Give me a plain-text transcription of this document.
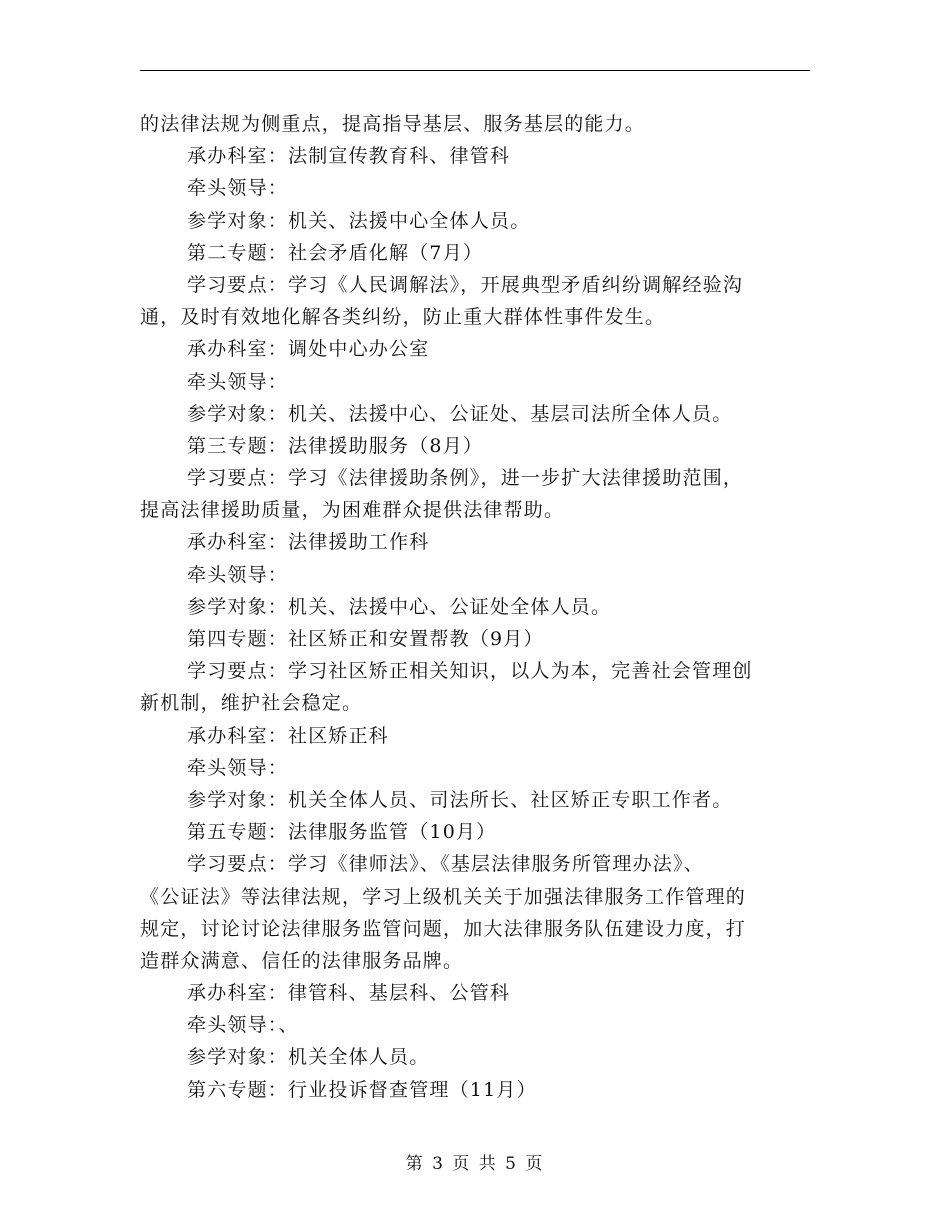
的法律法规为侧重点，提高指导基层、服务基层的能力。
承办科室：法制宣传教育科、律管科
牵头领导：
参学对象：机关、法援中心全体人员。
第二专题：社会矛盾化解（7月）
学习要点：学习《人民调解法》，开展典型矛盾纠纷调解经验沟
通，及时有效地化解各类纠纷，防止重大群体性事件发生。
承办科室：调处中心办公室
牵头领导：
参学对象：机关、法援中心、公证处、基层司法所全体人员。
第三专题：法律援助服务（8月）
学习要点：学习《法律援助条例》，进一步扩大法律援助范围，
提高法律援助质量，为困难群众提供法律帮助。
承办科室：法律援助工作科
牵头领导：
参学对象：机关、法援中心、公证处全体人员。
第四专题：社区矫正和安置帮教（9月）
学习要点：学习社区矫正相关知识，以人为本，完善社会管理创
新机制，维护社会稳定。
承办科室：社区矫正科
牵头领导：
参学对象：机关全体人员、司法所长、社区矫正专职工作者。
第五专题：法律服务监管（10月）
学习要点：学习《律师法》、《基层法律服务所管理办法》、
《公证法》等法律法规，学习上级机关关于加强法律服务工作管理的
规定，讨论讨论法律服务监管问题，加大法律服务队伍建设力度，打
造群众满意、信任的法律服务品牌。
承办科室：律管科、基层科、公管科
牵头领导：、
参学对象：机关全体人员。
第六专题：行业投诉督查管理（11月）
第 3 页 共 5 页
